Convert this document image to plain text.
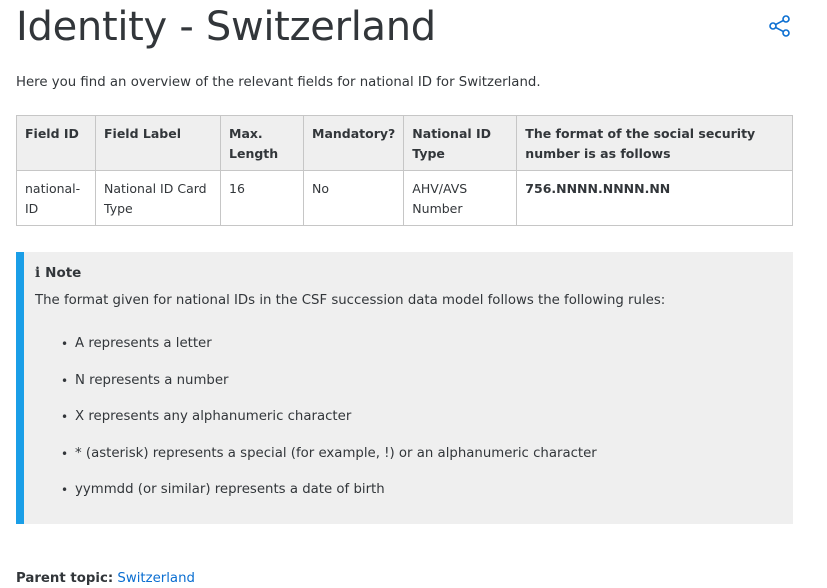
Identity - Switzerland

Here you find an overview of the relevant fields for national ID for Switzerland.

Field ID	Field Label	Max. Length	Mandatory?	National ID Type	The format of the social security number is as follows
national-ID	National ID Card Type	16	No	AHV/AVS Number	756.NNNN.NNNN.NN
i Note

The format given for national IDs in the CSF succession data model follows the following rules:

• A represents a letter
• N represents a number
• X represents any alphanumeric character
• * (asterisk) represents a special (for example, !) or an alphanumeric character
• yymmdd (or similar) represents a date of birth
Parent topic: Switzerland
